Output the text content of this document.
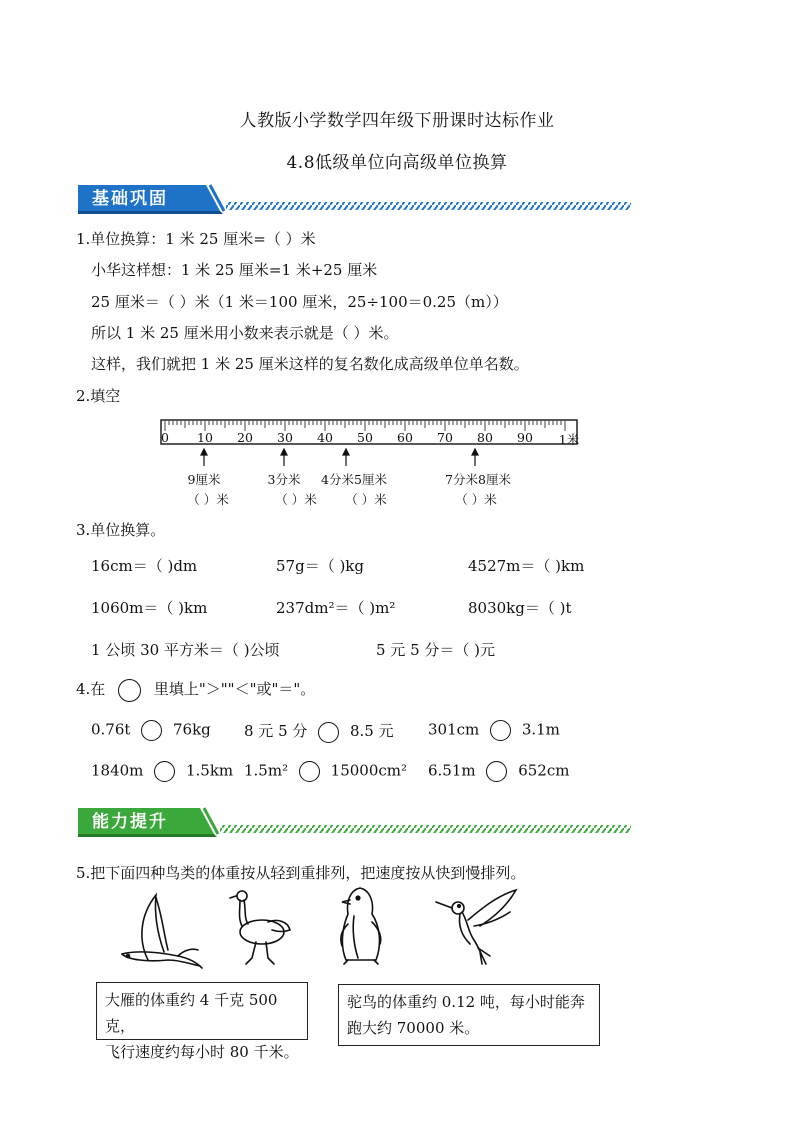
人教版小学数学四年级下册课时达标作业
4.8低级单位向高级单位换算
基础巩固
1.单位换算：1 米 25 厘米=（ ）米
小华这样想：1 米 25 厘米=1 米+25 厘米
25 厘米＝（ ）米（1 米＝100 厘米，25÷100＝0.25（m））
所以 1 米 25 厘米用小数来表示就是（ ）米。
这样，我们就把 1 米 25 厘米这样的复名数化成高级单位单名数。
2.填空
0	10	20	30	40	50	60	70	80	90	1米
9厘米	3分米	4分米5厘米	7分米8厘米
（ ）米	（ ）米	（ ）米	（ ）米
3.单位换算。
16cm＝（ )dm	57g＝（ )kg	4527m＝（ )km
1060m＝（ )km	237dm²＝（ )m²	8030kg＝（ )t
1 公顷 30 平方米＝（ )公顷	5 元 5 分＝（ )元
4.在	里填上"＞""＜"或"＝"。
0.76t	76kg 8 元 5 分	8.5 元 301cm	3.1m
1840m	1.5km 1.5m²	15000cm² 6.51m	652cm
能力提升
5.把下面四种鸟类的体重按从轻到重排列，把速度按从快到慢排列。
大雁的体重约 4 千克 500 克，
飞行速度约每小时 80 千米。
驼鸟的体重约 0.12 吨，每小时能奔
跑大约 70000 米。
